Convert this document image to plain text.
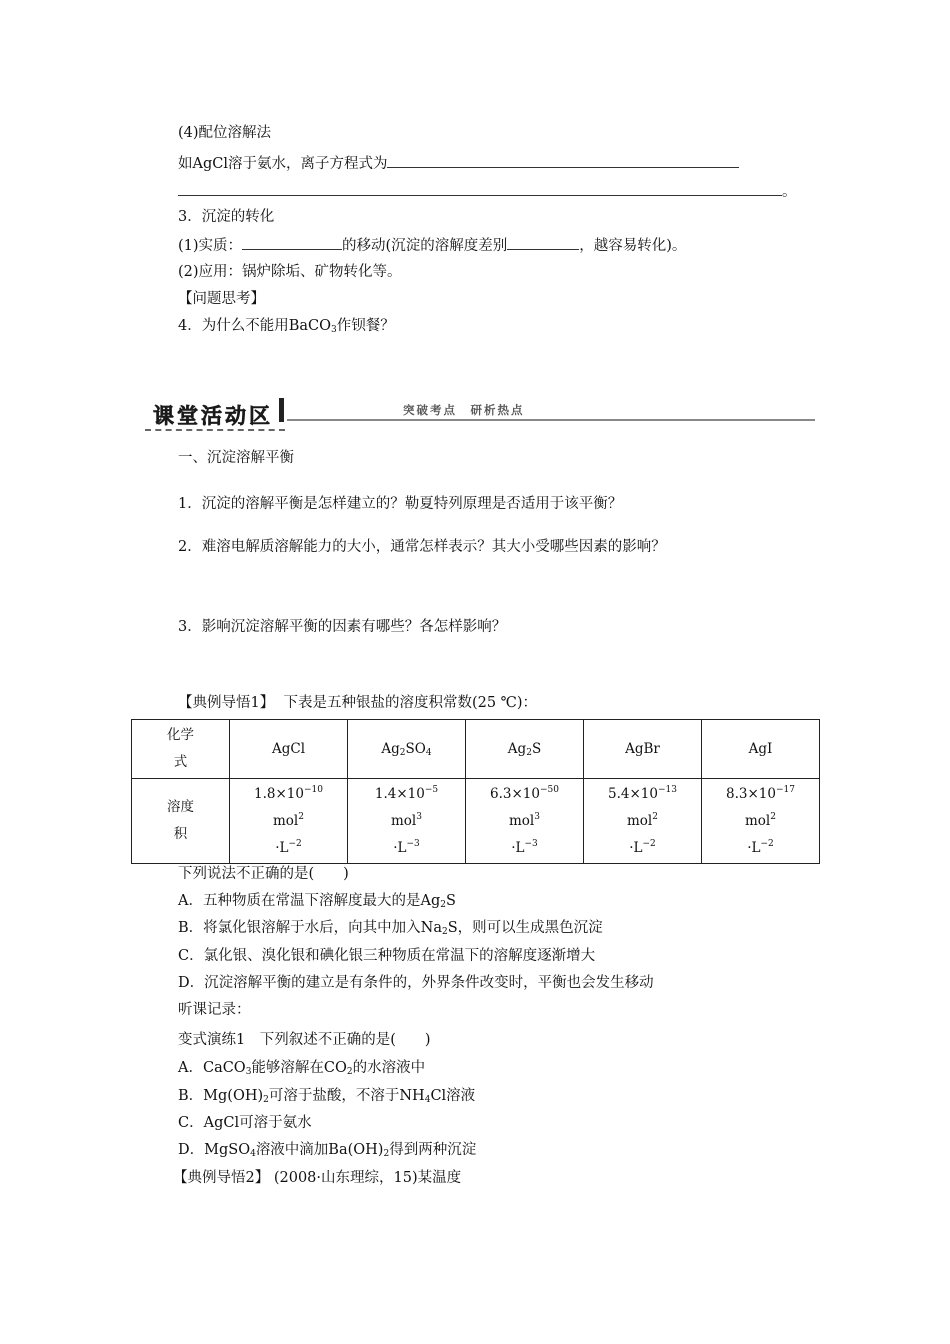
(4)配位溶解法
如AgCl溶于氨水，离子方程式为
。
3．沉淀的转化
(1)实质：	的移动(沉淀的溶解度差别	，越容易转化)。
(2)应用：锅炉除垢、矿物转化等。
【问题思考】
4．为什么不能用BaCO$_3$作钡餐？
课堂活动区	突破考点　研析热点
一、沉淀溶解平衡
1．沉淀的溶解平衡是怎样建立的？勒夏特列原理是否适用于该平衡？
2．难溶电解质溶解能力的大小，通常怎样表示？其大小受哪些因素的影响？
3．影响沉淀溶解平衡的因素有哪些？各怎样影响？
【典例导悟1】 下表是五种银盐的溶度积常数(25 ℃)：
化学
式	AgCl	$Ag_2SO_4$	$Ag_2S$	AgBr	AgI

溶度
积	$1.8\times 10^{-10}$
mol$^2$
$\cdot L^{-2}$	$1.4\times 10^{-5}$
mol$^3$
$\cdot L^{-3}$	$6.3\times 10^{-50}$
mol$^3$
$\cdot L^{-3}$	$5.4\times 10^{-13}$
mol$^2$
$\cdot L^{-2}$	$8.3\times 10^{-17}$
mol$^2$
$\cdot L^{-2}$
下列说法不正确的是(　　)
A．五种物质在常温下溶解度最大的是$Ag_2S$
B．将氯化银溶解于水后，向其中加入$Na_2S$，则可以生成黑色沉淀
C．氯化银、溴化银和碘化银三种物质在常温下的溶解度逐渐增大
D．沉淀溶解平衡的建立是有条件的，外界条件改变时，平衡也会发生移动
听课记录：
变式演练1　下列叙述不正确的是(　　)
A．CaCO$_3$能够溶解在$CO_2$的水溶液中
B．$Mg(OH)_2$可溶于盐酸，不溶于$NH_4Cl$溶液
C．AgCl可溶于氨水
D．MgSO$_4$溶液中滴加$Ba(OH)_2$得到两种沉淀
【典例导悟2】 (2008·山东理综，15)某温度
